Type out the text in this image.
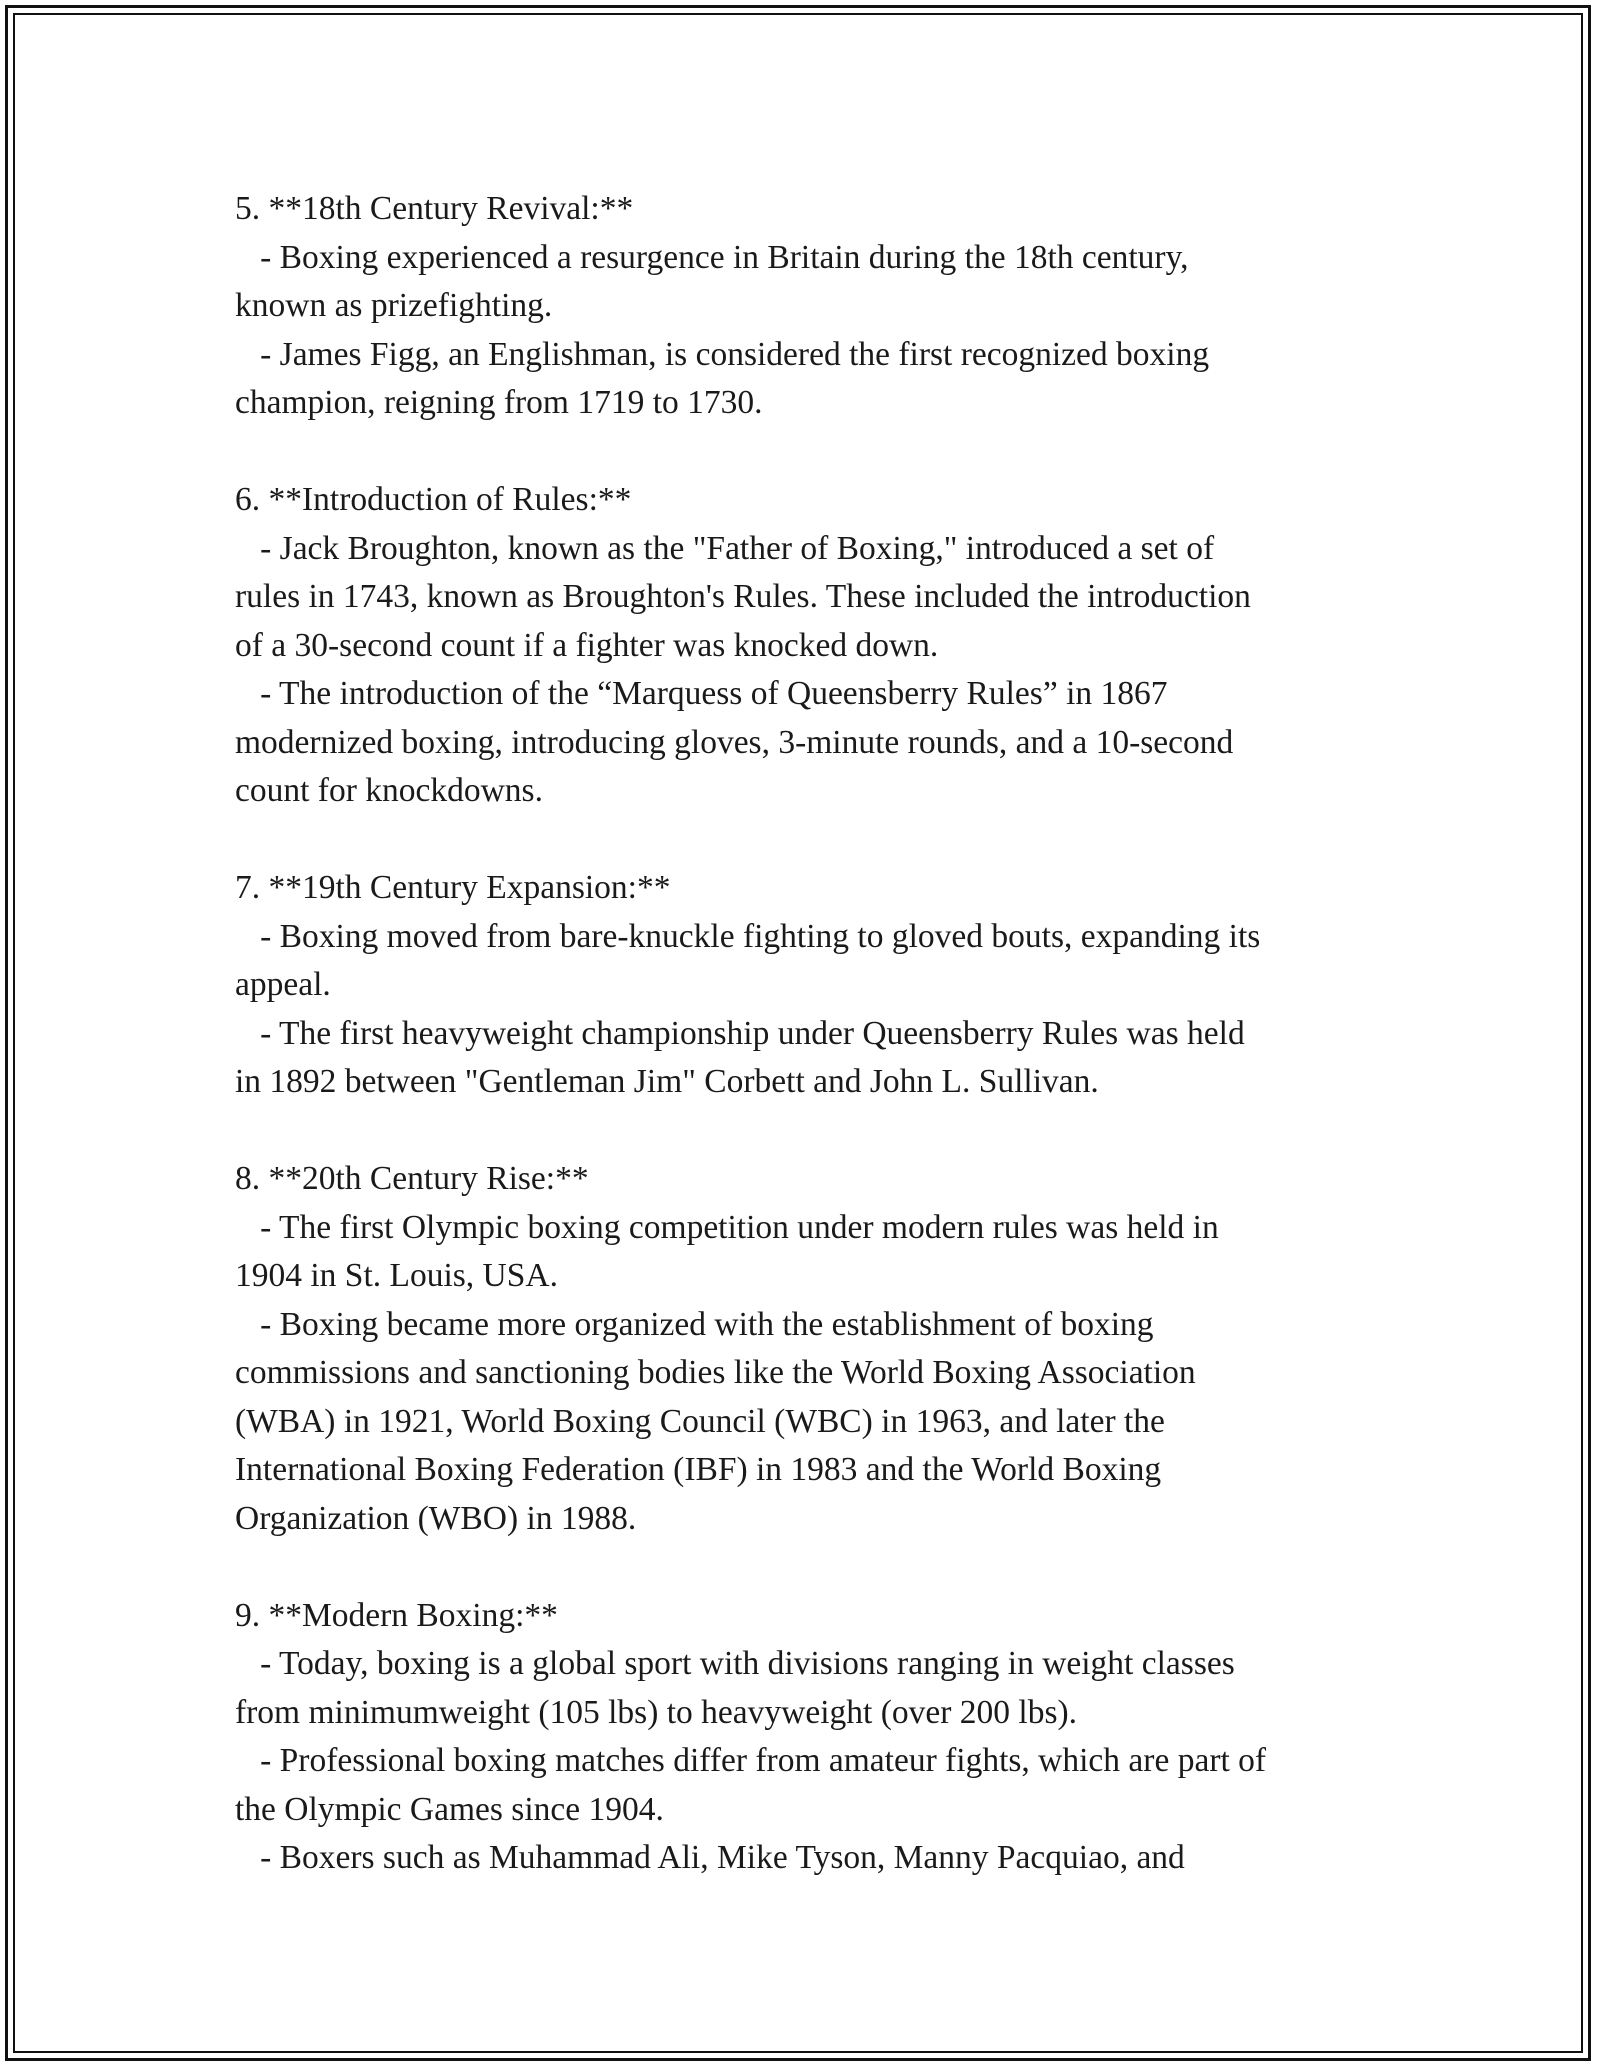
5. **18th Century Revival:**
- Boxing experienced a resurgence in Britain during the 18th century,
known as prizefighting.
- James Figg, an Englishman, is considered the first recognized boxing
champion, reigning from 1719 to 1730.
6. **Introduction of Rules:**
- Jack Broughton, known as the "Father of Boxing," introduced a set of
rules in 1743, known as Broughton's Rules. These included the introduction
of a 30-second count if a fighter was knocked down.
- The introduction of the “Marquess of Queensberry Rules” in 1867
modernized boxing, introducing gloves, 3-minute rounds, and a 10-second
count for knockdowns.
7. **19th Century Expansion:**
- Boxing moved from bare-knuckle fighting to gloved bouts, expanding its
appeal.
- The first heavyweight championship under Queensberry Rules was held
in 1892 between "Gentleman Jim" Corbett and John L. Sullivan.
8. **20th Century Rise:**
- The first Olympic boxing competition under modern rules was held in
1904 in St. Louis, USA.
- Boxing became more organized with the establishment of boxing
commissions and sanctioning bodies like the World Boxing Association
(WBA) in 1921, World Boxing Council (WBC) in 1963, and later the
International Boxing Federation (IBF) in 1983 and the World Boxing
Organization (WBO) in 1988.
9. **Modern Boxing:**
- Today, boxing is a global sport with divisions ranging in weight classes
from minimumweight (105 lbs) to heavyweight (over 200 lbs).
- Professional boxing matches differ from amateur fights, which are part of
the Olympic Games since 1904.
- Boxers such as Muhammad Ali, Mike Tyson, Manny Pacquiao, and
